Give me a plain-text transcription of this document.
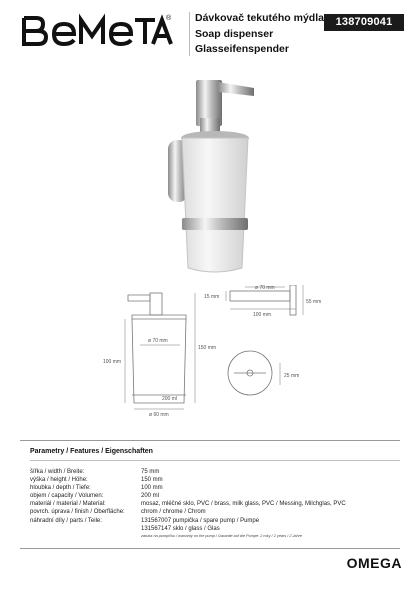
® Dávkovač tekutého mýdla
Soap dispenser
Glasseifenspender
138709041
ø 70 mm
150 mm
100 mm
200 ml
ø 60 mm
ø 70 mm
15 mm
100 mm
55 mm
25 mm
Parametry / Features / Eigenschaften
šířka / width / Breite:	75 mm
výška / height / Höhe:	150 mm
hloubka / depth / Tiefe:	100 mm
objem / capacity / Volumen:	200 ml
materiál / material / Material:	mosaz, mléčné sklo, PVC / brass, milk glass, PVC / Messing, Milchglas, PVC
povrch. úprava / finish / Oberfläche:	chrom / chrome / Chrom
náhradní díly / parts / Teile:	131567007 pumpička / spare pump / Pumpe
131567147 sklo / glass / Glas
záruka na pumpičku / warranty on the pump / Garantie auf die Pumpe: 2 roky / 2 years / 2 Jahre
OMEGA
